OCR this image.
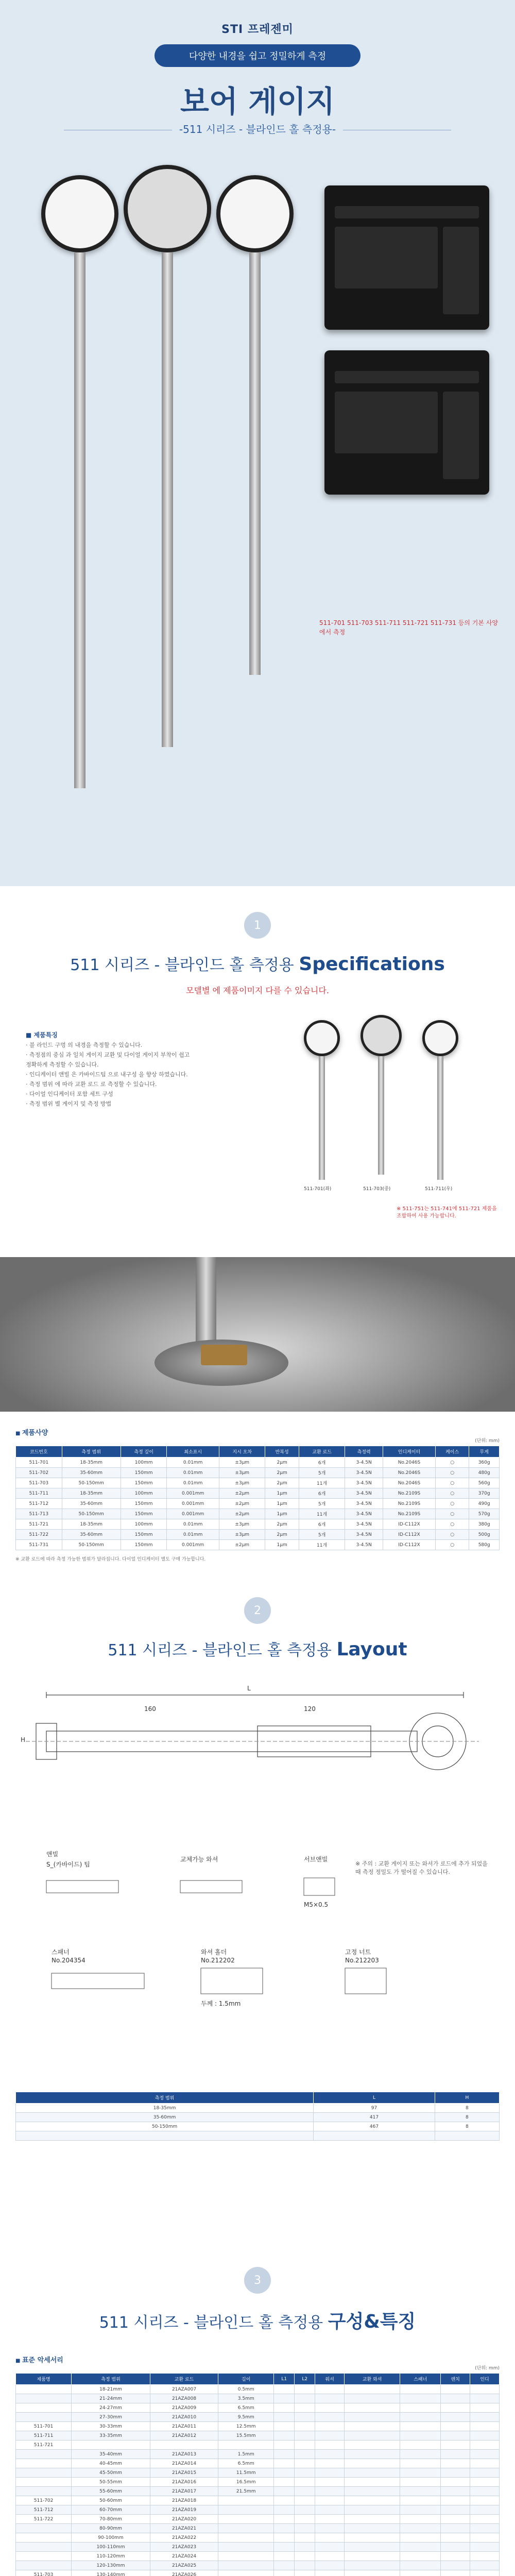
STI 프레젠미
다양한 내경을 쉽고 정밀하게 측정
보어 게이지
-511 시리즈 - 블라인드 홀 측정용-
511-701 511-703 511-711 511-721 511-731 등의 기본 사양 에서 측정
1
511 시리즈 - 블라인드 홀 측정용 Specifications
모델별 에 제품이미지 다를 수 있습니다.
■ 제품특징
· 블 라인드 구멍 의 내경을 측정할 수 있습니다.
· 측정점의 중심 과 일치 게이지 교환 및 다이얼 게이지 부착이 쉽고
정확하게 측정할 수 있습니다.
· 인디케이터 앤빌 은 카바이드팁 으로 내구성 을 향상 하였습니다.
· 측정 범위 에 따라 교환 로드 로 측정할 수 있습니다.
· 다이얼 인디케이터 포함 세트 구성
· 측정 범위 별 게이지 및 측정 방법
511-701(좌)	511-703(중)	511-711(우)
※ 511-751는 511-741에 511-721 제품을 조합하여 사용 가능합니다.
■ 제품사양
(단위: mm)
코드번호	측정 범위	측정 깊이	최소표시	지시 오차	반복성	교환 로드	측정력	인디케이터	케이스	무게
511-701	18-35mm	100mm	0.01mm	±3μm	2μm	6개	3-4.5N	No.2046S	○	360g
511-702	35-60mm	150mm	0.01mm	±3μm	2μm	5개	3-4.5N	No.2046S	○	480g
511-703	50-150mm	150mm	0.01mm	±3μm	2μm	11개	3-4.5N	No.2046S	○	560g
511-711	18-35mm	100mm	0.001mm	±2μm	1μm	6개	3-4.5N	No.2109S	○	370g
511-712	35-60mm	150mm	0.001mm	±2μm	1μm	5개	3-4.5N	No.2109S	○	490g
511-713	50-150mm	150mm	0.001mm	±2μm	1μm	11개	3-4.5N	No.2109S	○	570g
511-721	18-35mm	100mm	0.01mm	±3μm	2μm	6개	3-4.5N	ID-C112X	○	380g
511-722	35-60mm	150mm	0.01mm	±3μm	2μm	5개	3-4.5N	ID-C112X	○	500g
511-731	50-150mm	150mm	0.001mm	±2μm	1μm	11개	3-4.5N	ID-C112X	○	580g
※ 교환 로드에 따라 측정 가능한 범위가 달라집니다. 다이얼 인디케이터 별도 구매 가능합니다.
2
511 시리즈 - 블라인드 홀 측정용 Layout
L
H
160	120
앤빌
S_(카바이드) 팁
교체가능 와셔	서브앤빌
M5×0.5
※ 주의 : 교환 게이지 또는 와셔가 로드에 추가 되었을 때 측정 정밀도 가 떨어질 수 있습니다.
스패너
No.204354
와셔 홀더
No.212202
고정 너트
No.212203
두께 : 1.5mm
측정 범위	L	H
18-35mm	97	8
35-60mm	417	8
50-150mm	467	8

3
511 시리즈 - 블라인드 홀 측정용 구성&특징
■ 표준 악세서리
(단위: mm)
제품명	측정 범위	교환 로드	길이	L1	L2	워셔	교환 와셔	스패너	렌치	인디
	18-21mm	21AZA007	0.5mm							
	21-24mm	21AZA008	3.5mm							
	24-27mm	21AZA009	6.5mm							
	27-30mm	21AZA010	9.5mm							
511-701	30-33mm	21AZA011	12.5mm							
511-711	33-35mm	21AZA012	15.5mm							
511-721										
	35-40mm	21AZA013	1.5mm							
	40-45mm	21AZA014	6.5mm							
	45-50mm	21AZA015	11.5mm							
	50-55mm	21AZA016	16.5mm							
	55-60mm	21AZA017	21.5mm							
511-702	50-60mm	21AZA018								
511-712	60-70mm	21AZA019								
511-722	70-80mm	21AZA020								
	80-90mm	21AZA021								
	90-100mm	21AZA022								
	100-110mm	21AZA023								
	110-120mm	21AZA024								
	120-130mm	21AZA025								
511-703	130-140mm	21AZA026								
